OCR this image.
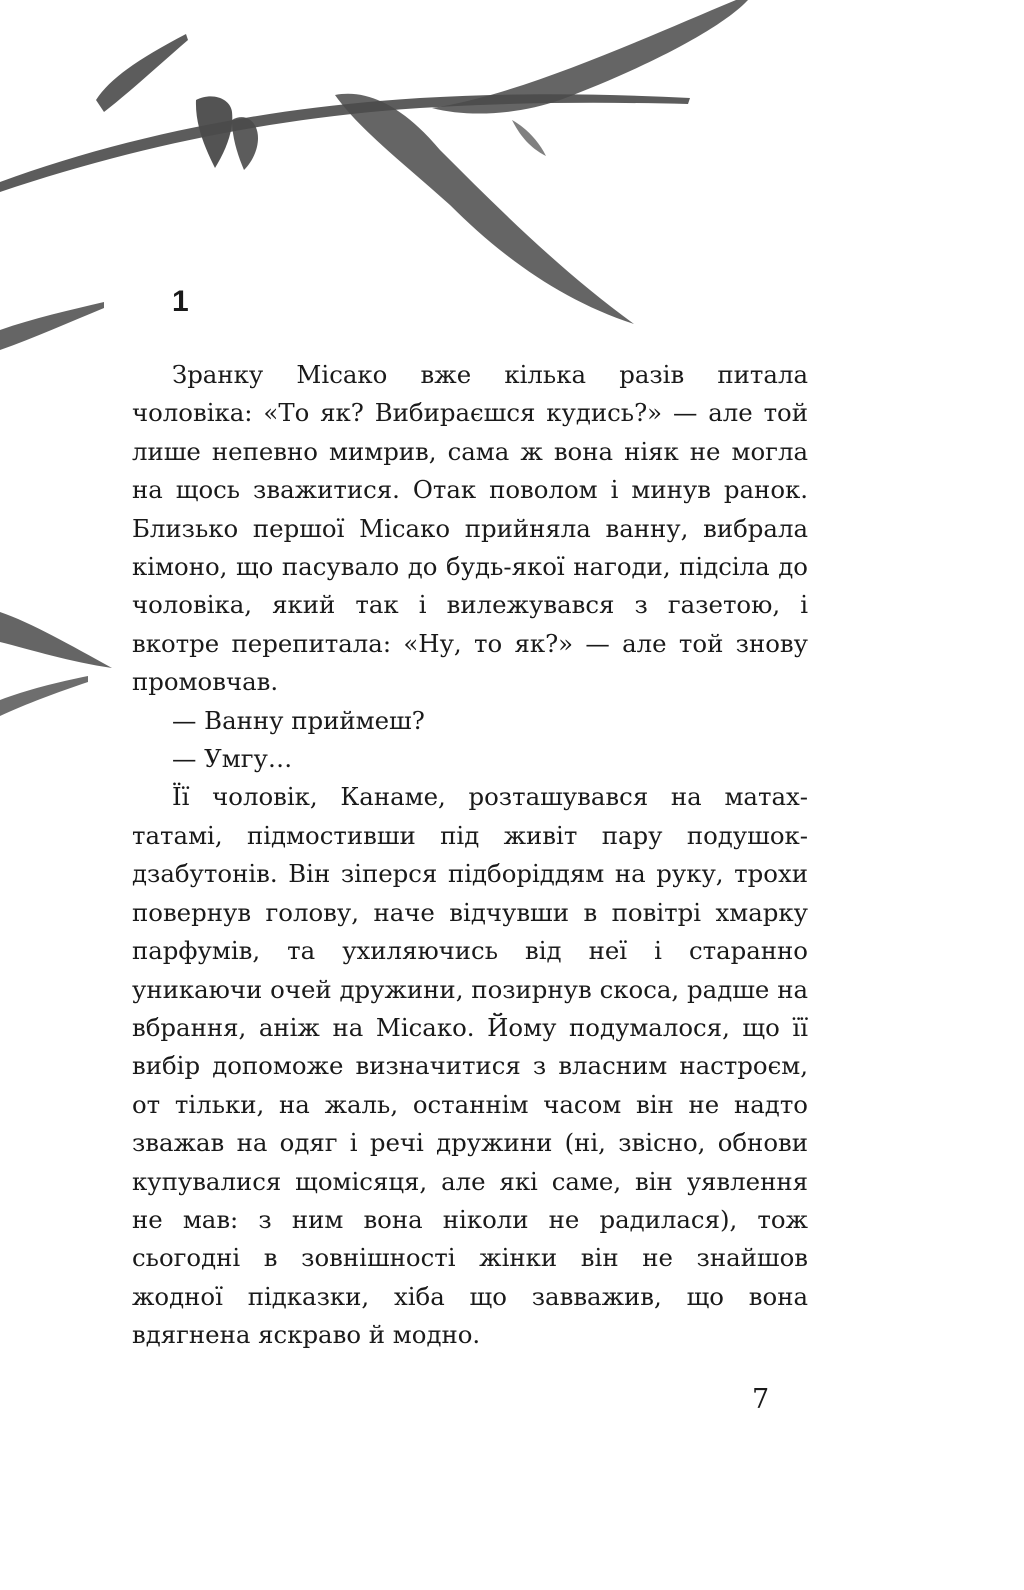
1

Зранку Місако вже кілька разів питала чоловіка: «То як? Вибираєшся кудись?» — але той лише непевно мимрив, сама ж вона ніяк не могла на щось зважитися. Отак поволом і минув ранок. Близько першої Місако прийняла ванну, вибрала кімоно, що пасувало до будь-якої нагоди, підсіла до чоловіка, який так і вилежувався з газетою, і вкотре перепитала: «Ну, то як?» — але той знову промовчав.

— Ванну приймеш?

— Умгу…

Її чоловік, Канаме, розташувався на матах-татамі, підмостивши під живіт пару подушок-дзабутонів. Він зіперся підборіддям на руку, трохи повернув голову, наче відчувши в повітрі хмарку парфумів, та ухиляючись від неї і старанно уникаючи очей дружини, позирнув скоса, радше на вбрання, аніж на Місако. Йому подумалося, що її вибір допоможе визначитися з власним настроєм, от тільки, на жаль, останнім часом він не надто зважав на одяг і речі дружини (ні, звісно, обнови купувалися щомісяця, але які саме, він уявлення не мав: з ним вона ніколи не радилася), тож сьогодні в зовнішності жінки він не знайшов жодної підказки, хіба що завважив, що вона вдягнена яскраво й модно.

7
